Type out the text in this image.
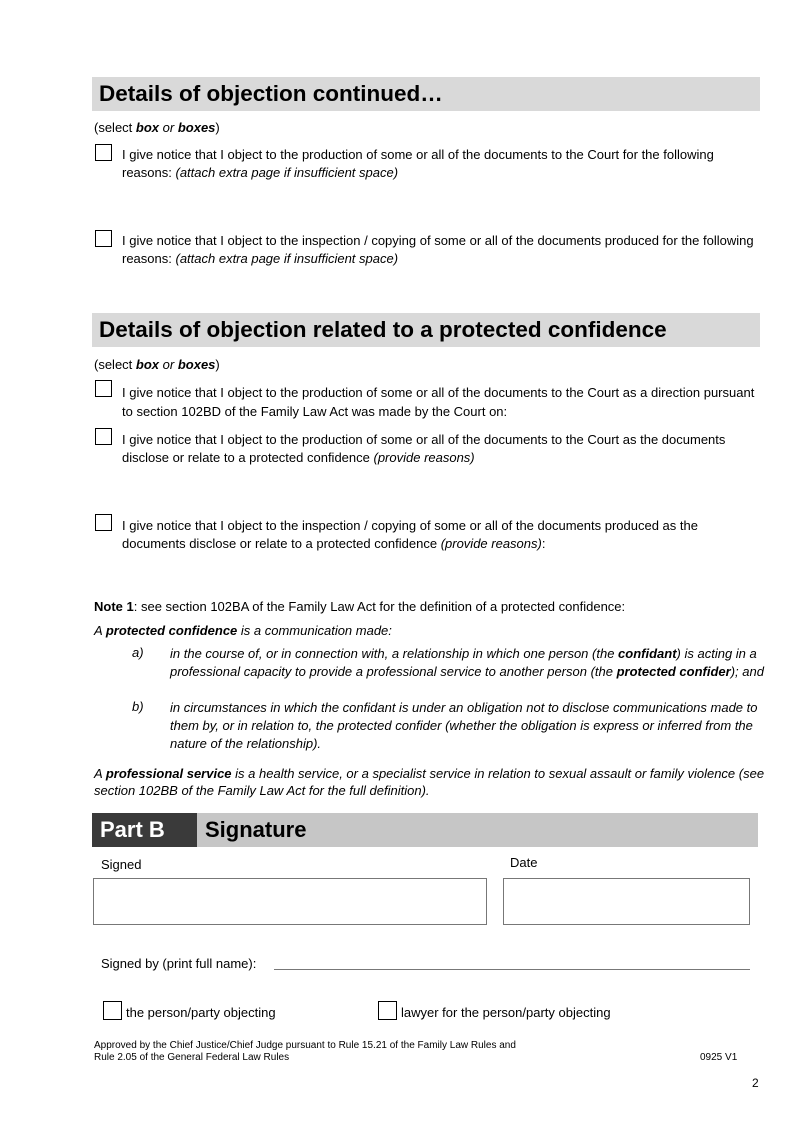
Details of objection continued…
(select box or boxes)
I give notice that I object to the production of some or all of the documents to the Court for the following reasons: (attach extra page if insufficient space)
I give notice that I object to the inspection / copying of some or all of the documents produced for the following reasons: (attach extra page if insufficient space)
Details of objection related to a protected confidence
(select box or boxes)
I give notice that I object to the production of some or all of the documents to the Court as a direction pursuant to section 102BD of the Family Law Act was made by the Court on:
I give notice that I object to the production of some or all of the documents to the Court as the documents disclose or relate to a protected confidence (provide reasons)
I give notice that I object to the inspection / copying of some or all of the documents produced as the documents disclose or relate to a protected confidence (provide reasons):
Note 1: see section 102BA of the Family Law Act for the definition of a protected confidence:
A protected confidence is a communication made:
a) in the course of, or in connection with, a relationship in which one person (the confidant) is acting in a professional capacity to provide a professional service to another person (the protected confider); and
b) in circumstances in which the confidant is under an obligation not to disclose communications made to them by, or in relation to, the protected confider (whether the obligation is express or inferred from the nature of the relationship).
A professional service is a health service, or a specialist service in relation to sexual assault or family violence (see section 102BB of the Family Law Act for the full definition).
Part B Signature
Signed	Date
Signed by (print full name):
the person/party objecting	lawyer for the person/party objecting
Approved by the Chief Justice/Chief Judge pursuant to Rule 15.21 of the Family Law Rules and
Rule 2.05 of the General Federal Law Rules	0925 V1
2
